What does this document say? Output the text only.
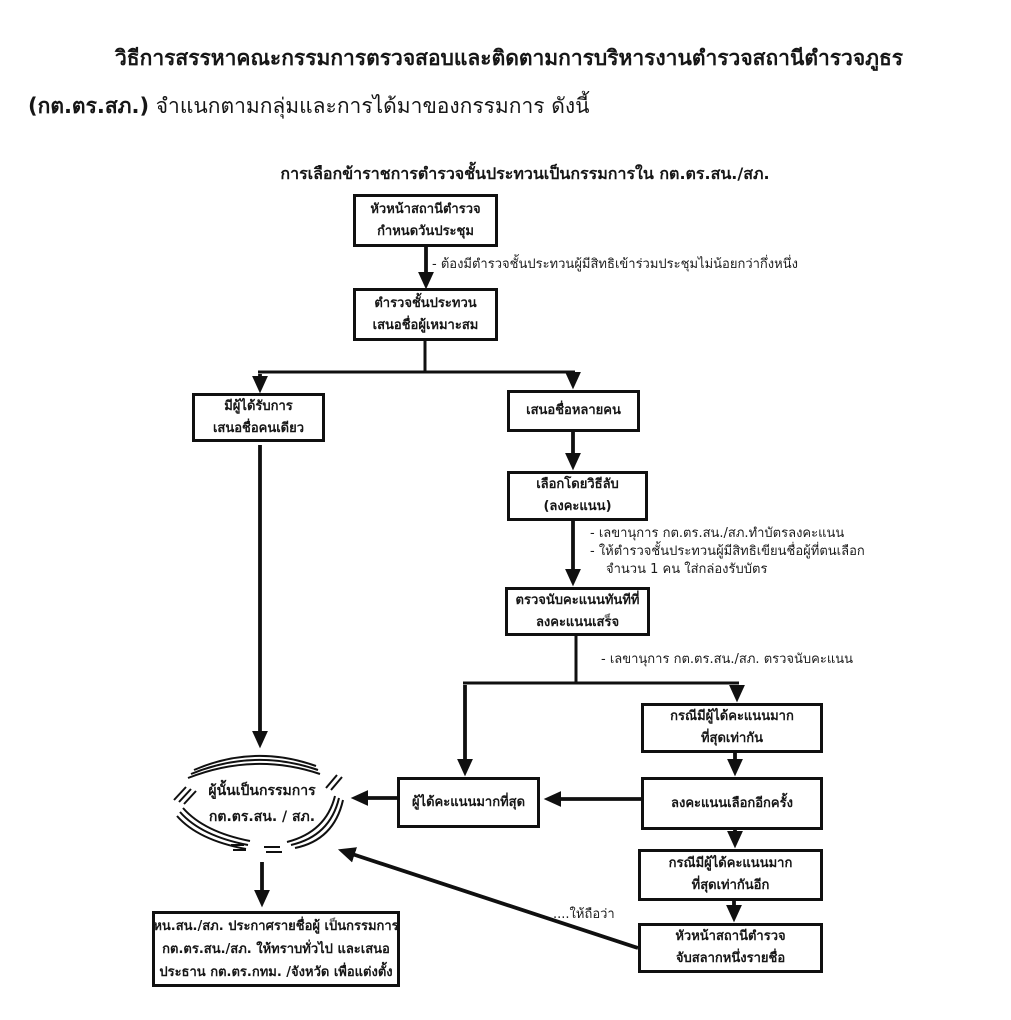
วิธีการสรรหาคณะกรรมการตรวจสอบและติดตามการบริหารงานตำรวจสถานีตำรวจภูธร
(กต.ตร.สภ.) จำแนกตามกลุ่มและการได้มาของกรรมการ ดังนี้
การเลือกข้าราชการตำรวจชั้นประทวนเป็นกรรมการใน กต.ตร.สน./สภ.
หัวหน้าสถานีตำรวจ
กำหนดวันประชุม
ตำรวจชั้นประทวน
เสนอชื่อผู้เหมาะสม
มีผู้ได้รับการ
เสนอชื่อคนเดียว
เสนอชื่อหลายคน
เลือกโดยวิธีลับ
(ลงคะแนน)
ตรวจนับคะแนนทันทีที่
ลงคะแนนเสร็จ
ผู้ได้คะแนนมากที่สุด
กรณีมีผู้ได้คะแนนมาก
ที่สุดเท่ากัน
ลงคะแนนเลือกอีกครั้ง
กรณีมีผู้ได้คะแนนมาก
ที่สุดเท่ากันอีก
หัวหน้าสถานีตำรวจ
จับสลากหนึ่งรายชื่อ
หน.สน./สภ. ประกาศรายชื่อผู้ เป็นกรรมการ
กต.ตร.สน./สภ. ให้ทราบทั่วไป และเสนอ
ประธาน กต.ตร.กทม. /จังหวัด เพื่อแต่งตั้ง
ผู้นั้นเป็นกรรมการ
กต.ตร.สน. / สภ.
- ต้องมีตำรวจชั้นประทวนผู้มีสิทธิเข้าร่วมประชุมไม่น้อยกว่ากึ่งหนึ่ง
- เลขานุการ กต.ตร.สน./สภ.ทำบัตรลงคะแนน
- ให้ตำรวจชั้นประทวนผู้มีสิทธิเขียนชื่อผู้ที่ตนเลือก
จำนวน 1 คน ใส่กล่องรับบัตร
- เลขานุการ กต.ตร.สน./สภ. ตรวจนับคะแนน
....ให้ถือว่า
